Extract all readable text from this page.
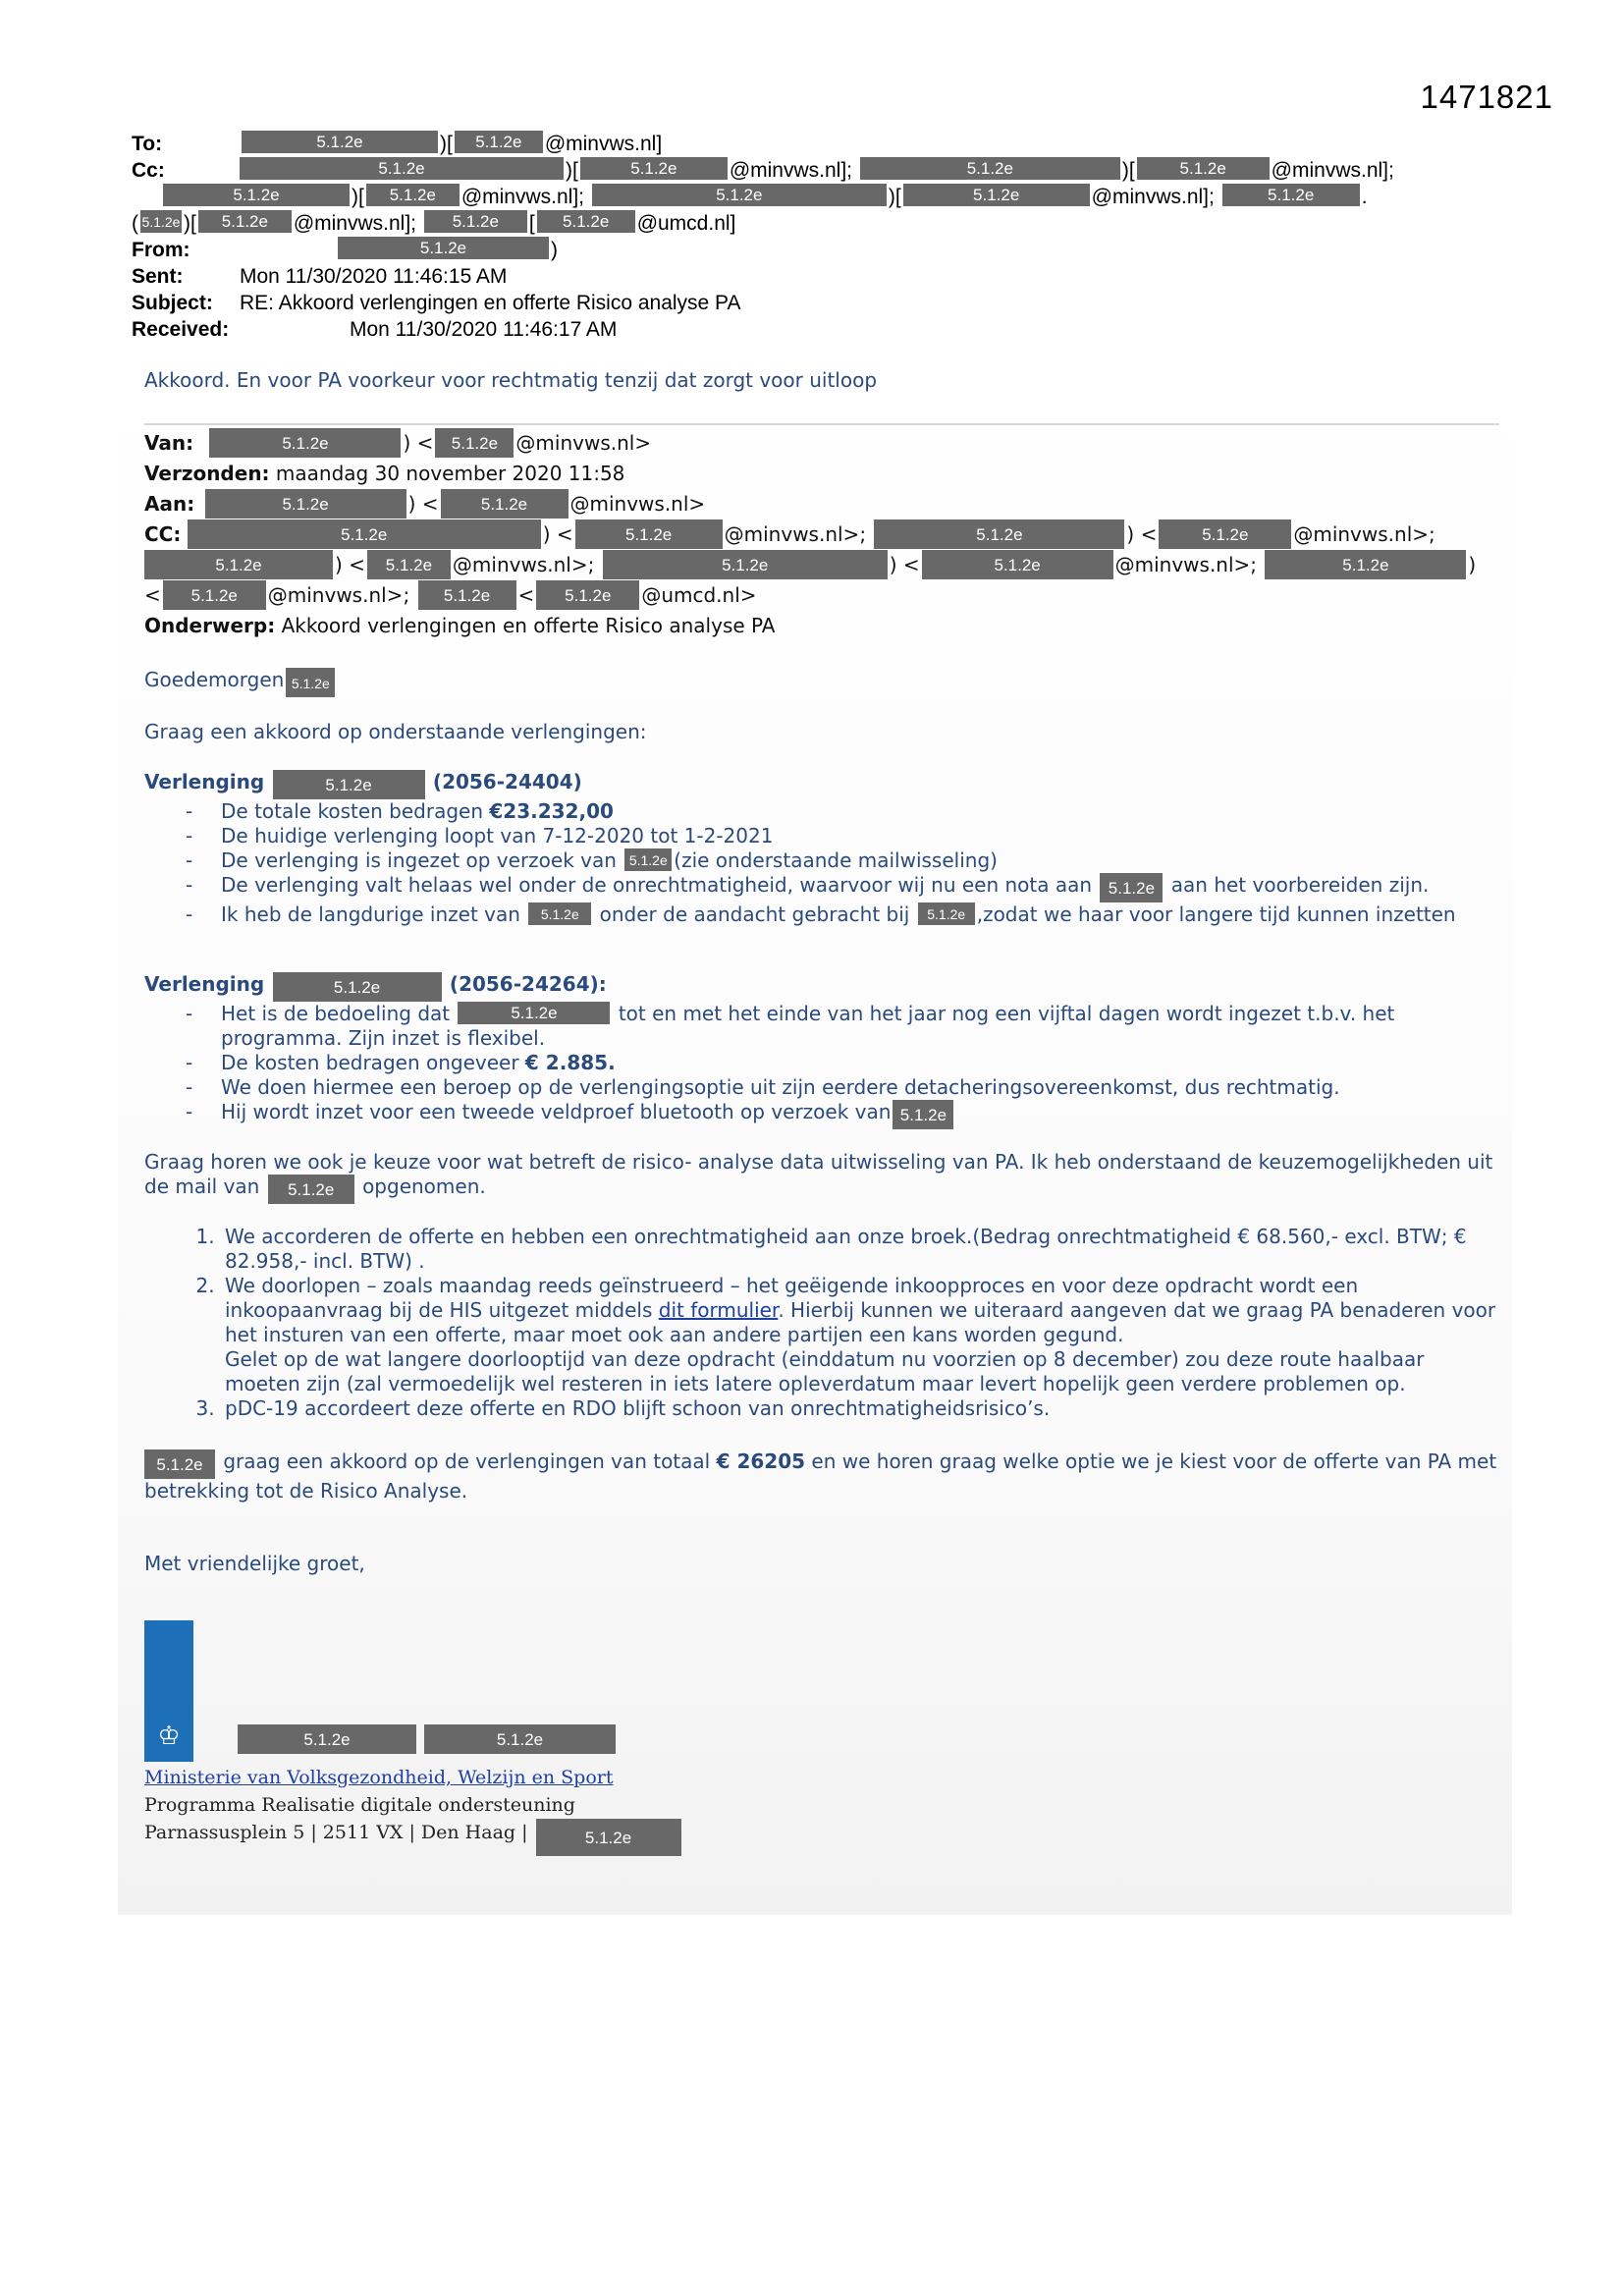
1471821
To:	5.1.2e	)[ 5.1.2e @minvws.nl]
Cc:	5.1.2e	)[	5.1.2e	@minvws.nl];	5.1.2e	)[	5.1.2e @minvws.nl];
5.1.2e	)[ 5.1.2e @minvws.nl];	5.1.2e	)[	5.1.2e	@minvws.nl];	5.1.2e .
( 5.1.2e )[ 5.1.2e @minvws.nl]; 5.1.2e [ 5.1.2e @umcd.nl]
From:	5.1.2e	)
Sent:	Mon 11/30/2020 11:46:15 AM
Subject: RE: Akkoord verlengingen en offerte Risico analyse PA
Received:	Mon 11/30/2020 11:46:17 AM
Akkoord. En voor PA voorkeur voor rechtmatig tenzij dat zorgt voor uitloop
Van:	5.1.2e	) < 5.1.2e @minvws.nl>
Verzonden: maandag 30 november 2020 11:58
Aan:	5.1.2e	) <	5.1.2e @minvws.nl>
CC:	5.1.2e	) <	5.1.2e	@minvws.nl>;	5.1.2e	) <	5.1.2e @minvws.nl>;
5.1.2e	) < 5.1.2e @minvws.nl>;	5.1.2e	) <	5.1.2e	@minvws.nl>;	5.1.2e	)
< 5.1.2e @minvws.nl>; 5.1.2e < 5.1.2e @umcd.nl>
Onderwerp: Akkoord verlengingen en offerte Risico analyse PA
Goedemorgen 5.1.2e
Graag een akkoord op onderstaande verlengingen:
Verlenging	5.1.2e	(2056-24404)
- De totale kosten bedragen €23.232,00
- De huidige verlenging loopt van 7-12-2020 tot 1-2-2021
- De verlenging is ingezet op verzoek van 5.1.2e (zie onderstaande mailwisseling)
- De verlenging valt helaas wel onder de onrechtmatigheid, waarvoor wij nu een nota aan 5.1.2e aan het voorbereiden zijn.
- Ik heb de langdurige inzet van 5.1.2e onder de aandacht gebracht bij 5.1.2e ,zodat we haar voor langere tijd kunnen inzetten
Verlenging	5.1.2e	(2056-24264):
- Het is de bedoeling dat	5.1.2e	tot en met het einde van het jaar nog een vijftal dagen wordt ingezet t.b.v. het programma. Zijn inzet is flexibel.
- De kosten bedragen ongeveer € 2.885.
- We doen hiermee een beroep op de verlengingsoptie uit zijn eerdere detacheringsovereenkomst, dus rechtmatig.
- Hij wordt inzet voor een tweede veldproef bluetooth op verzoek van 5.1.2e
Graag horen we ook je keuze voor wat betreft de risico- analyse data uitwisseling van PA. Ik heb onderstaand de keuzemogelijkheden uit de mail van 5.1.2e opgenomen.
1. We accorderen de offerte en hebben een onrechtmatigheid aan onze broek.(Bedrag onrechtmatigheid € 68.560,- excl. BTW; € 82.958,- incl. BTW) .
2. We doorlopen – zoals maandag reeds geïnstrueerd – het geëigende inkoopproces en voor deze opdracht wordt een inkoopaanvraag bij de HIS uitgezet middels dit formulier. Hierbij kunnen we uiteraard aangeven dat we graag PA benaderen voor het insturen van een offerte, maar moet ook aan andere partijen een kans worden gegund.
Gelet op de wat langere doorlooptijd van deze opdracht (einddatum nu voorzien op 8 december) zou deze route haalbaar moeten zijn (zal vermoedelijk wel resteren in iets latere opleverdatum maar levert hopelijk geen verdere problemen op.
3. pDC-19 accordeert deze offerte en RDO blijft schoon van onrechtmatigheidsrisico’s.
5.1.2e graag een akkoord op de verlengingen van totaal € 26205 en we horen graag welke optie we je kiest voor de offerte van PA met betrekking tot de Risico Analyse.
Met vriendelijke groet,
♔	5.1.2e	5.1.2e
Ministerie van Volksgezondheid, Welzijn en Sport
Programma Realisatie digitale ondersteuning
Parnassusplein 5 | 2511 VX | Den Haag |	5.1.2e
